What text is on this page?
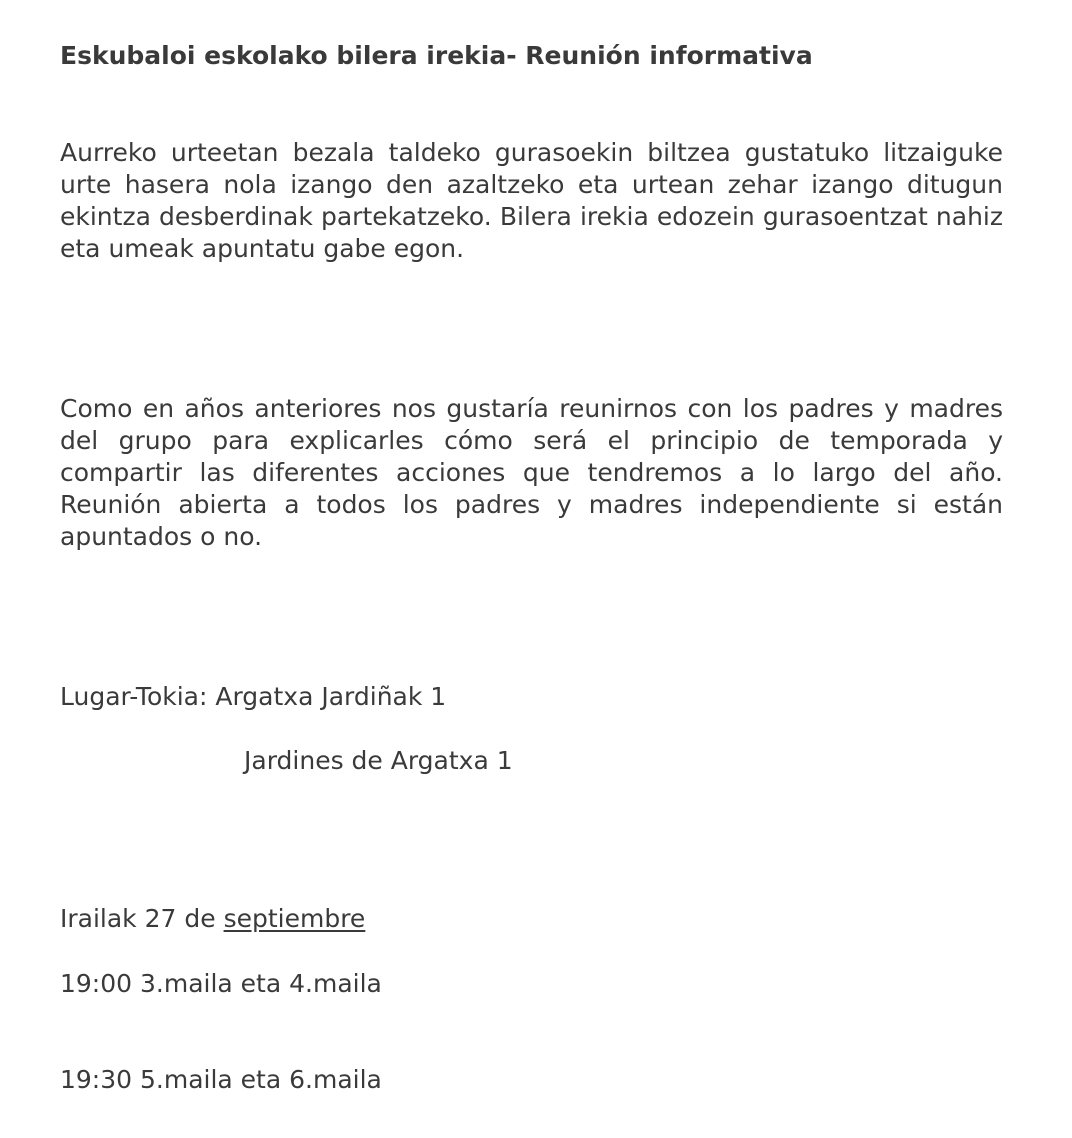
Eskubaloi eskolako bilera irekia- Reunión informativa

Aurreko urteetan bezala taldeko gurasoekin biltzea gustatuko litzaiguke urte hasera nola izango den azaltzeko eta urtean zehar izango ditugun ekintza desberdinak partekatzeko. Bilera irekia edozein gurasoentzat nahiz eta umeak apuntatu gabe egon.

Como en años anteriores nos gustaría reunirnos con los padres y madres del grupo para explicarles cómo será el principio de temporada y compartir las diferentes acciones que tendremos a lo largo del año. Reunión abierta a todos los padres y madres independiente si están apuntados o no.

Lugar-Tokia: Argatxa Jardiñak 1

Jardines de Argatxa 1

Irailak 27 de septiembre

19:00 3.maila eta 4.maila

19:30 5.maila eta 6.maila
